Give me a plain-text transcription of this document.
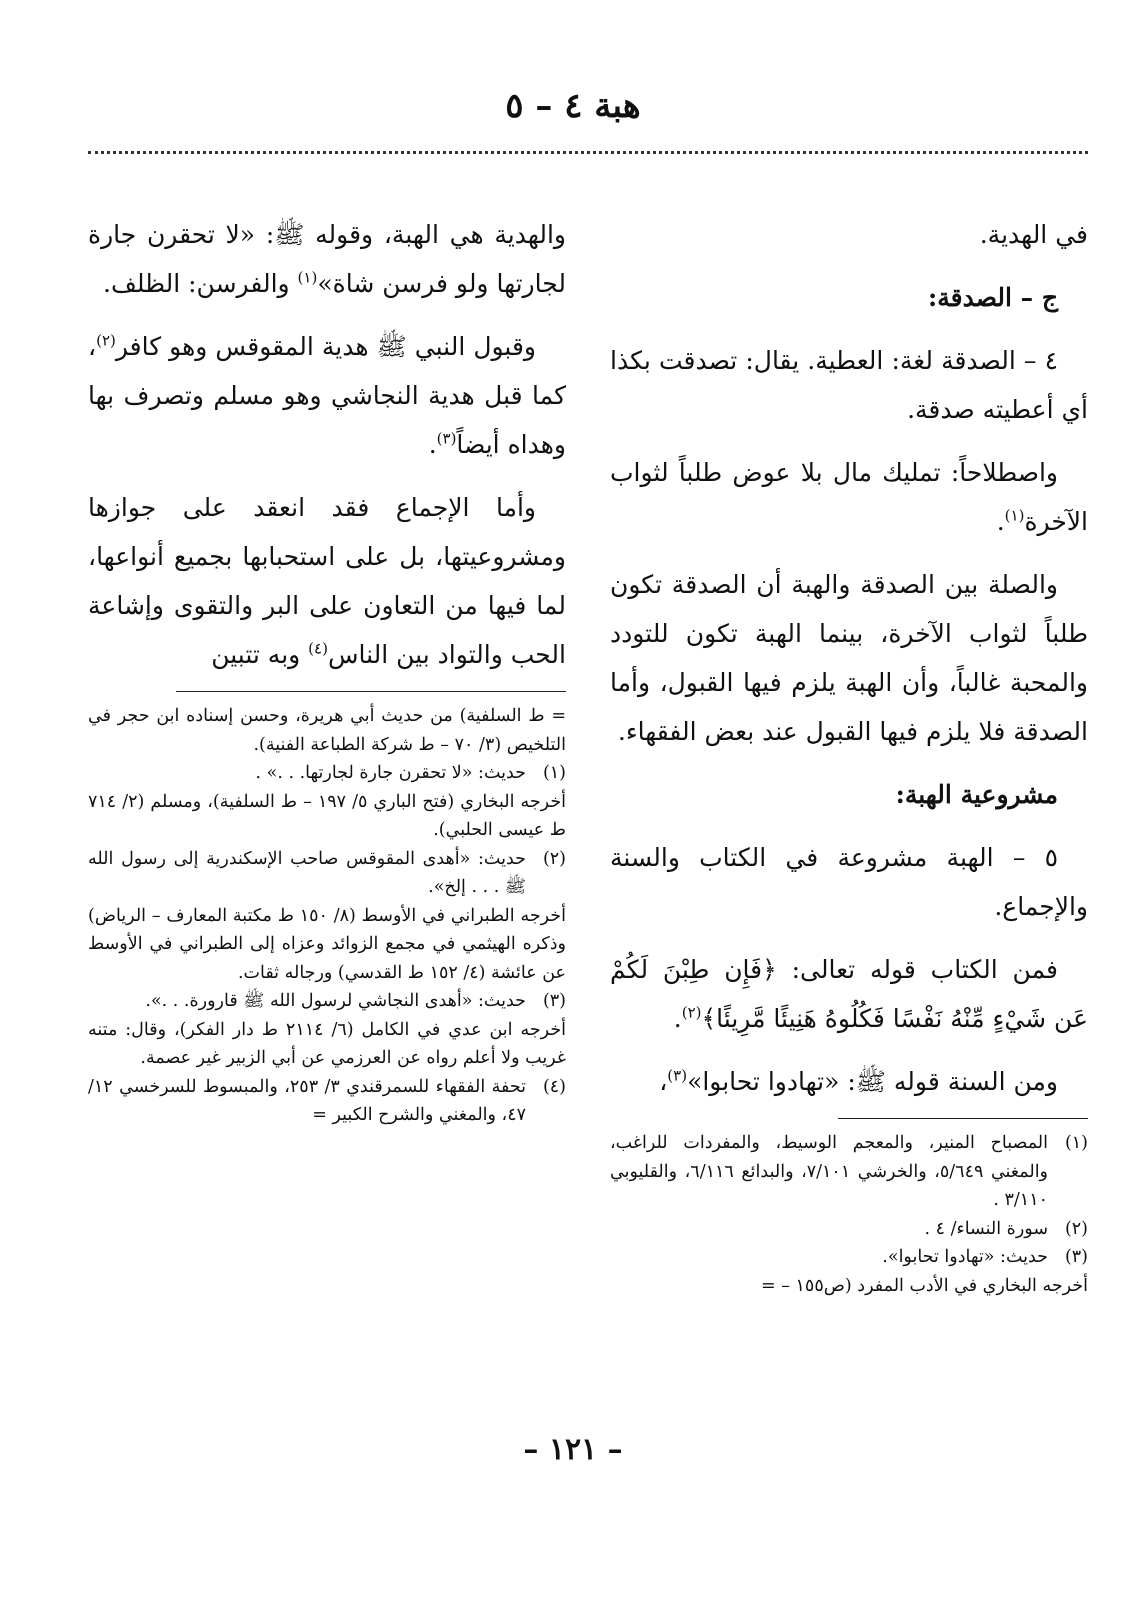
هبة ٤ – ٥

في الهدية.

ج – الصدقة:

٤ – الصدقة لغة: العطية. يقال: تصدقت بكذا أي أعطيته صدقة.

واصطلاحاً: تمليك مال بلا عوض طلباً لثواب الآخرة$^{(١)}$.

والصلة بين الصدقة والهبة أن الصدقة تكون طلباً لثواب الآخرة، بينما الهبة تكون للتودد والمحبة غالباً، وأن الهبة يلزم فيها القبول، وأما الصدقة فلا يلزم فيها القبول عند بعض الفقهاء.

مشروعية الهبة:

٥ – الهبة مشروعة في الكتاب والسنة والإجماع.

فمن الكتاب قوله تعالى: ﴿فَإِن طِبْنَ لَكُمْ عَن شَيْءٍ مِّنْهُ نَفْسًا فَكُلُوهُ هَنِيئًا مَّرِيئًا﴾$^{(٢)}$.

ومن السنة قوله ﷺ: «تهادوا تحابوا»$^{(٣)}$،

(١)
المصباح المنير، والمعجم الوسيط، والمفردات للراغب، والمغني ٥/٦٤٩، والخرشي ٧/١٠١، والبدائع ٦/١١٦، والقليوبي ٣/١١٠ .
(٢)
سورة النساء/ ٤ .
(٣)
حديث: «تهادوا تحابوا».

أخرجه البخاري في الأدب المفرد (ص١٥٥ – =

والهدية هي الهبة، وقوله ﷺ: «لا تحقرن جارة لجارتها ولو فرسن شاة»$^{(١)}$ والفرسن: الظلف.

وقبول النبي ﷺ هدية المقوقس وهو كافر$^{(٢)}$، كما قبل هدية النجاشي وهو مسلم وتصرف بها وهداه أيضاً$^{(٣)}$.

وأما الإجماع فقد انعقد على جوازها ومشروعيتها، بل على استحبابها بجميع أنواعها، لما فيها من التعاون على البر والتقوى وإشاعة الحب والتواد بين الناس$^{(٤)}$ وبه تتبين

= ط السلفية) من حديث أبي هريرة، وحسن إسناده ابن حجر في التلخيص (٣/ ٧٠ – ط شركة الطباعة الفنية).

(١)
حديث: «لا تحقرن جارة لجارتها. . .» .

أخرجه البخاري (فتح الباري ٥/ ١٩٧ – ط السلفية)، ومسلم (٢/ ٧١٤ ط عيسى الحلبي).

(٢)
حديث: «أهدى المقوقس صاحب الإسكندرية إلى رسول الله ﷺ . . . إلخ».

أخرجه الطبراني في الأوسط (٨/ ١٥٠ ط مكتبة المعارف – الرياض) وذكره الهيثمي في مجمع الزوائد وعزاه إلى الطبراني في الأوسط عن عائشة (٤/ ١٥٢ ط القدسي) ورجاله ثقات.

(٣)
حديث: «أهدى النجاشي لرسول الله ﷺ قارورة. . .».

أخرجه ابن عدي في الكامل (٦/ ٢١١٤ ط دار الفكر)، وقال: متنه غريب ولا أعلم رواه عن العرزمي عن أبي الزبير غير عصمة.

(٤)
تحفة الفقهاء للسمرقندي ٣/ ٢٥٣، والمبسوط للسرخسي ١٢/ ٤٧، والمغني والشرح الكبير =
– ١٢١ –
